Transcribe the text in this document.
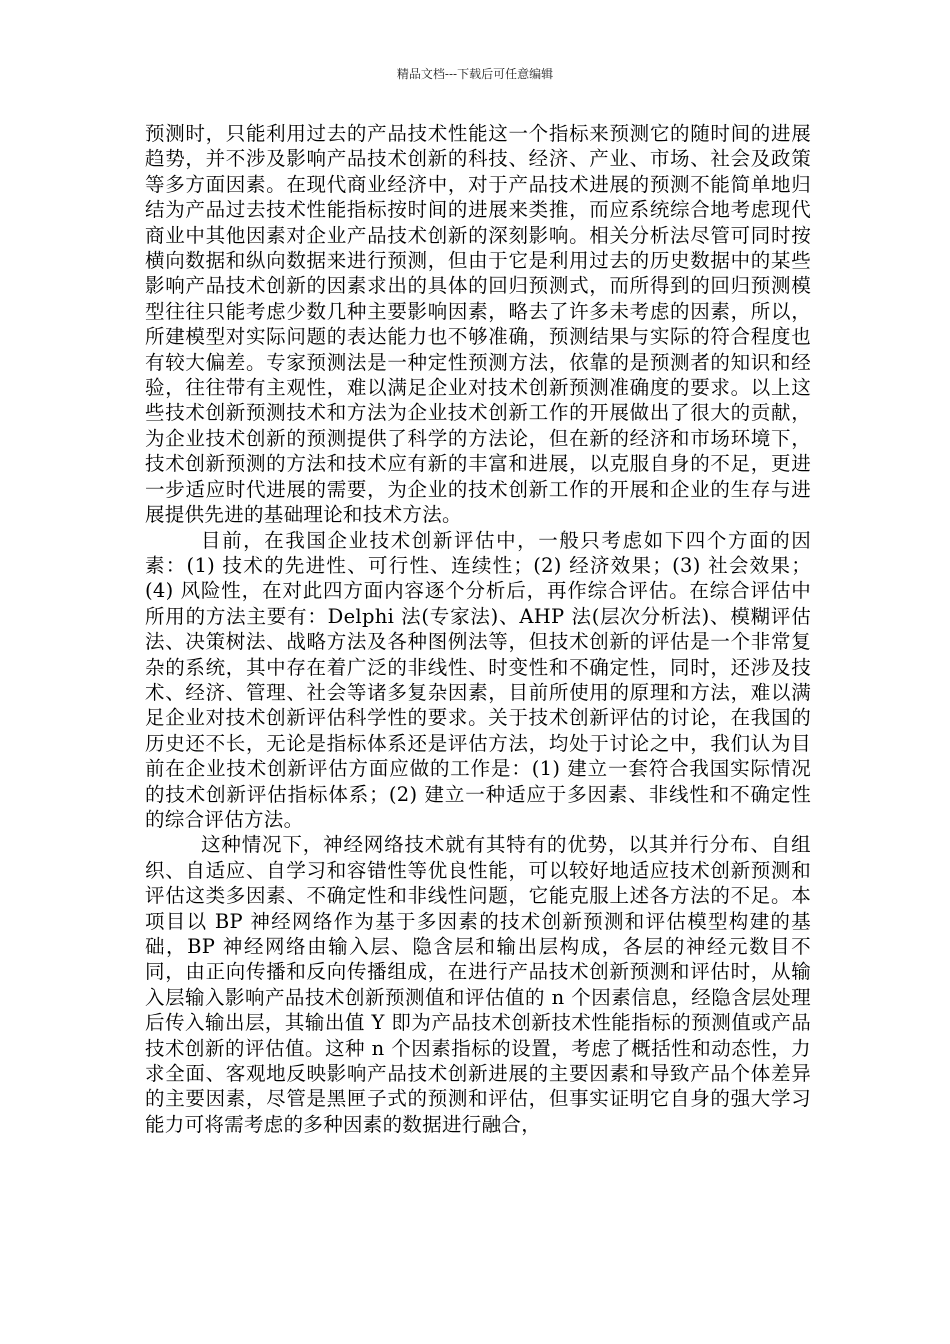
精品文档---下载后可任意编辑

预测时，只能利用过去的产品技术性能这一个指标来预测它的随时间的进展趋势，并不涉及影响产品技术创新的科技、经济、产业、市场、社会及政策等多方面因素。在现代商业经济中，对于产品技术进展的预测不能简单地归结为产品过去技术性能指标按时间的进展来类推，而应系统综合地考虑现代商业中其他因素对企业产品技术创新的深刻影响。相关分析法尽管可同时按横向数据和纵向数据来进行预测，但由于它是利用过去的历史数据中的某些影响产品技术创新的因素求出的具体的回归预测式，而所得到的回归预测模型往往只能考虑少数几种主要影响因素，略去了许多未考虑的因素，所以，所建模型对实际问题的表达能力也不够准确，预测结果与实际的符合程度也有较大偏差。专家预测法是一种定性预测方法，依靠的是预测者的知识和经验，往往带有主观性，难以满足企业对技术创新预测准确度的要求。以上这些技术创新预测技术和方法为企业技术创新工作的开展做出了很大的贡献，为企业技术创新的预测提供了科学的方法论，但在新的经济和市场环境下，技术创新预测的方法和技术应有新的丰富和进展，以克服自身的不足，更进一步适应时代进展的需要，为企业的技术创新工作的开展和企业的生存与进展提供先进的基础理论和技术方法。

目前，在我国企业技术创新评估中，一般只考虑如下四个方面的因素：(1) 技术的先进性、可行性、连续性；(2) 经济效果；(3) 社会效果；(4) 风险性，在对此四方面内容逐个分析后，再作综合评估。在综合评估中所用的方法主要有：Delphi 法(专家法)、AHP 法(层次分析法)、模糊评估法、决策树法、战略方法及各种图例法等，但技术创新的评估是一个非常复杂的系统，其中存在着广泛的非线性、时变性和不确定性，同时，还涉及技术、经济、管理、社会等诸多复杂因素，目前所使用的原理和方法，难以满足企业对技术创新评估科学性的要求。关于技术创新评估的讨论，在我国的历史还不长，无论是指标体系还是评估方法，均处于讨论之中，我们认为目前在企业技术创新评估方面应做的工作是：(1) 建立一套符合我国实际情况的技术创新评估指标体系；(2) 建立一种适应于多因素、非线性和不确定性的综合评估方法。

这种情况下，神经网络技术就有其特有的优势，以其并行分布、自组织、自适应、自学习和容错性等优良性能，可以较好地适应技术创新预测和评估这类多因素、不确定性和非线性问题，它能克服上述各方法的不足。本项目以 BP 神经网络作为基于多因素的技术创新预测和评估模型构建的基础，BP 神经网络由输入层、隐含层和输出层构成，各层的神经元数目不同，由正向传播和反向传播组成，在进行产品技术创新预测和评估时，从输入层输入影响产品技术创新预测值和评估值的 n 个因素信息，经隐含层处理后传入输出层，其输出值 Y 即为产品技术创新技术性能指标的预测值或产品技术创新的评估值。这种 n 个因素指标的设置，考虑了概括性和动态性，力求全面、客观地反映影响产品技术创新进展的主要因素和导致产品个体差异的主要因素，尽管是黑匣子式的预测和评估，但事实证明它自身的强大学习能力可将需考虑的多种因素的数据进行融合，
